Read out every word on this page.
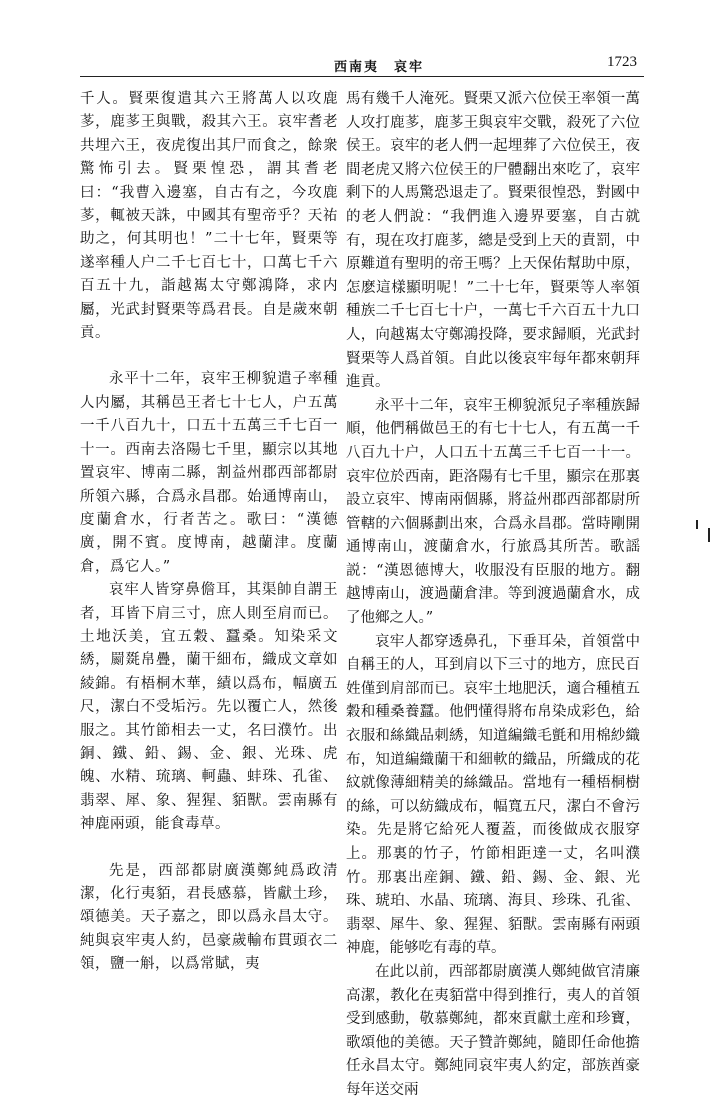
西南夷　哀牢	1723

千人。賢栗復遣其六王將萬人以攻鹿茤，鹿茤王與戰，殺其六王。哀牢耆老共埋六王，夜虎復出其尸而食之，餘衆驚怖引去。賢栗惶恐，謂其耆老曰：“我曹入邊塞，自古有之，今攻鹿茤，輒被天誅，中國其有聖帝乎？天祐助之，何其明也！”二十七年，賢栗等遂率種人户二千七百七十，口萬七千六百五十九，詣越嶲太守鄭鴻降，求内屬，光武封賢栗等爲君長。自是歲來朝貢。

永平十二年，哀牢王柳貌遣子率種人内屬，其稱邑王者七十七人，户五萬一千八百九十，口五十五萬三千七百一十一。西南去洛陽七千里，顯宗以其地置哀牢、博南二縣，割益州郡西部都尉所領六縣，合爲永昌郡。始通博南山，度蘭倉水，行者苦之。歌曰：“漢德廣，開不賓。度博南，越蘭津。度蘭倉，爲它人。”

哀牢人皆穿鼻儋耳，其渠帥自謂王者，耳皆下肩三寸，庶人則至肩而已。土地沃美，宜五穀、蠶桑。知染采文綉，罽毲帛疊，蘭干細布，織成文章如綾錦。有梧桐木華，績以爲布，幅廣五尺，潔白不受垢污。先以覆亡人，然後服之。其竹節相去一丈，名曰濮竹。出銅、鐵、鉛、錫、金、銀、光珠、虎魄、水精、琉璃、軻蟲、蚌珠、孔雀、翡翠、犀、象、猩猩、貊獸。雲南縣有神鹿兩頭，能食毒草。

先是，西部都尉廣漢鄭純爲政清潔，化行夷貊，君長感慕，皆獻土珍，頌德美。天子嘉之，即以爲永昌太守。純與哀牢夷人約，邑豪歲輸布貫頭衣二領，鹽一斛，以爲常賦，夷

馬有幾千人淹死。賢栗又派六位侯王率領一萬人攻打鹿茤，鹿茤王與哀牢交戰，殺死了六位侯王。哀牢的老人們一起埋葬了六位侯王，夜間老虎又將六位侯王的尸體翻出來吃了，哀牢剩下的人馬驚恐退走了。賢栗很惶恐，對國中的老人們說：“我們進入邊界要塞，自古就有，現在攻打鹿茤，總是受到上天的責罰，中原難道有聖明的帝王嗎？上天保佑幫助中原，怎麽這樣顯明呢！”二十七年，賢栗等人率領種族二千七百七十户，一萬七千六百五十九口人，向越嶲太守鄭鴻投降，要求歸順，光武封賢栗等人爲首領。自此以後哀牢每年都來朝拜進貢。

永平十二年，哀牢王柳貌派兒子率種族歸順，他們稱做邑王的有七十七人，有五萬一千八百九十户，人口五十五萬三千七百一十一。哀牢位於西南，距洛陽有七千里，顯宗在那裏設立哀牢、博南兩個縣，將益州郡西部都尉所管轄的六個縣劃出來，合爲永昌郡。當時剛開通博南山，渡蘭倉水，行旅爲其所苦。歌謡説：“漢恩德博大，收服没有臣服的地方。翻越博南山，渡過蘭倉津。等到渡過蘭倉水，成了他鄉之人。”

哀牢人都穿透鼻孔，下垂耳朵，首領當中自稱王的人，耳到肩以下三寸的地方，庶民百姓僅到肩部而已。哀牢土地肥沃，適合種植五穀和種桑養蠶。他們懂得將布帛染成彩色，給衣服和絲織品刺綉，知道編織毛氈和用棉紗織布，知道編織蘭干和細軟的織品，所織成的花紋就像薄細精美的絲織品。當地有一種梧桐樹的絲，可以紡織成布，幅寬五尺，潔白不會污染。先是將它給死人覆蓋，而後做成衣服穿上。那裏的竹子，竹節相距達一丈，名叫濮竹。那裏出産銅、鐵、鉛、錫、金、銀、光珠、琥珀、水晶、琉璃、海貝、珍珠、孔雀、翡翠、犀牛、象、猩猩、貊獸。雲南縣有兩頭神鹿，能够吃有毒的草。

在此以前，西部都尉廣漢人鄭純做官清廉高潔，教化在夷貊當中得到推行，夷人的首領受到感動，敬慕鄭純，都來貢獻土産和珍寶，歌頌他的美德。天子贊許鄭純，隨即任命他擔任永昌太守。鄭純同哀牢夷人約定，部族酋豪每年送交兩
